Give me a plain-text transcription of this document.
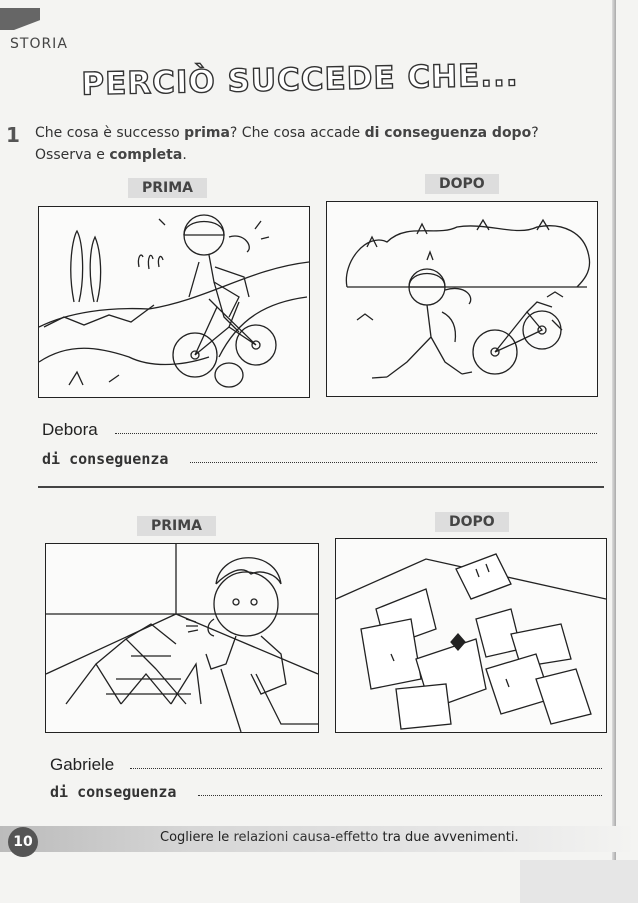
STORIA
PERCIÒ SUCCEDE CHE...
1 Che cosa è successo prima? Che cosa accade di conseguenza dopo?
Osserva e completa.
PRIMA	DOPO
Debora
di conseguenza
PRIMA	DOPO
Gabriele
di conseguenza
10	Cogliere le relazioni causa-effetto tra due avvenimenti.
